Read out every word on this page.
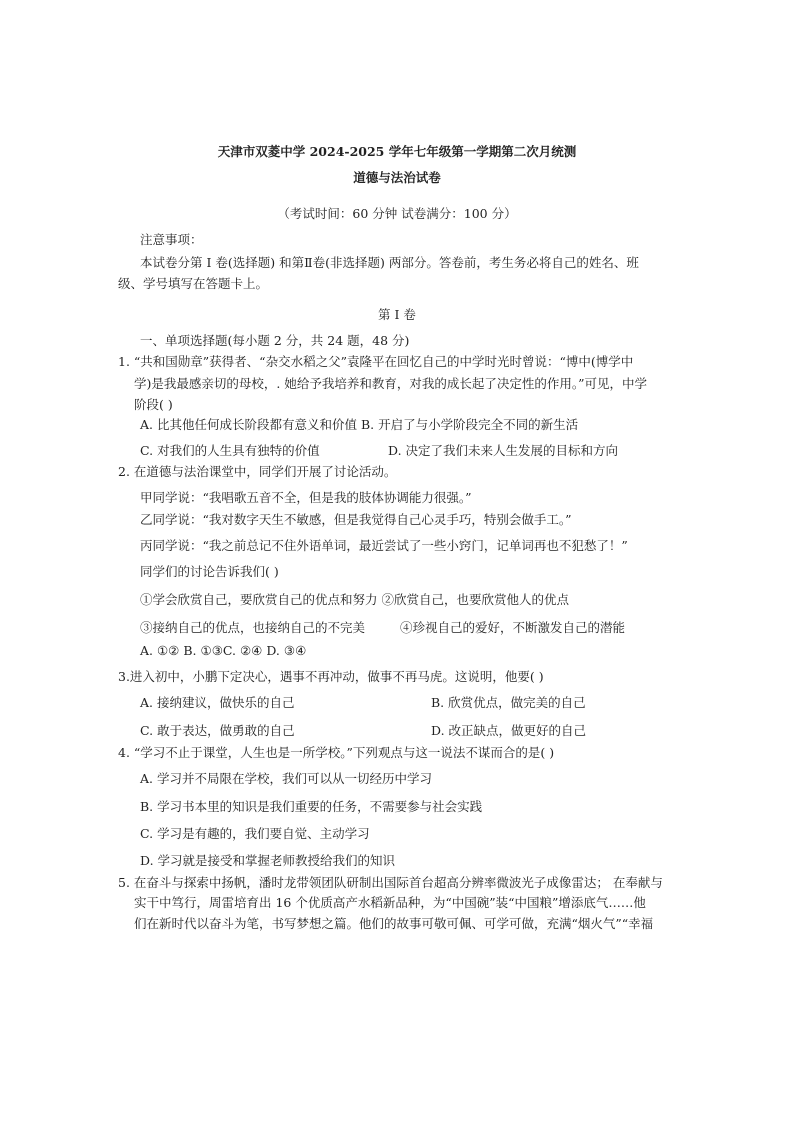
天津市双菱中学 2024-2025 学年七年级第一学期第二次月统测
道德与法治试卷
（考试时间：60 分钟 试卷满分：100 分）
注意事项：
本试卷分第 I 卷(选择题) 和第Ⅱ卷(非选择题) 两部分。答卷前，考生务必将自己的姓名、班
级、学号填写在答题卡上。
第 I 卷
一、单项选择题(每小题 2 分，共 24 题，48 分)
1. “共和国勋章”获得者、“杂交水稻之父”袁隆平在回忆自己的中学时光时曾说：“博中(博学中
学)是我最感亲切的母校，. 她给予我培养和教育，对我的成长起了决定性的作用。”可见，中学
阶段( )
A. 比其他任何成长阶段都有意义和价值 B. 开启了与小学阶段完全不同的新生活
C. 对我们的人生具有独特的价值	D. 决定了我们未来人生发展的目标和方向
2. 在道德与法治课堂中，同学们开展了讨论活动。
甲同学说：“我唱歌五音不全，但是我的肢体协调能力很强。”
乙同学说：“我对数字天生不敏感，但是我觉得自己心灵手巧，特别会做手工。”
丙同学说：“我之前总记不住外语单词，最近尝试了一些小窍门，记单词再也不犯愁了！”
同学们的讨论告诉我们( )
①学会欣赏自己，要欣赏自己的优点和努力 ②欣赏自己，也要欣赏他人的优点
③接纳自己的优点，也接纳自己的不完美	④珍视自己的爱好，不断激发自己的潜能
A. ①② B. ①③C. ②④ D. ③④
3.进入初中，小鹏下定决心，遇事不再冲动，做事不再马虎。这说明，他要( )
A. 接纳建议，做快乐的自己	B. 欣赏优点，做完美的自己
C. 敢于表达，做勇敢的自己	D. 改正缺点，做更好的自己
4. “学习不止于课堂，人生也是一所学校。”下列观点与这一说法不谋而合的是( )
A. 学习并不局限在学校，我们可以从一切经历中学习
B. 学习书本里的知识是我们重要的任务，不需要参与社会实践
C. 学习是有趣的，我们要自觉、主动学习
D. 学习就是接受和掌握老师教授给我们的知识
5. 在奋斗与探索中扬帆，潘时龙带领团队研制出国际首台超高分辨率微波光子成像雷达； 在奉献与
实干中笃行，周雷培育出 16 个优质高产水稻新品种，为“中国碗”装“中国粮”增添底气……他
们在新时代以奋斗为笔，书写梦想之篇。他们的故事可敬可佩、可学可做，充满“烟火气”“幸福
